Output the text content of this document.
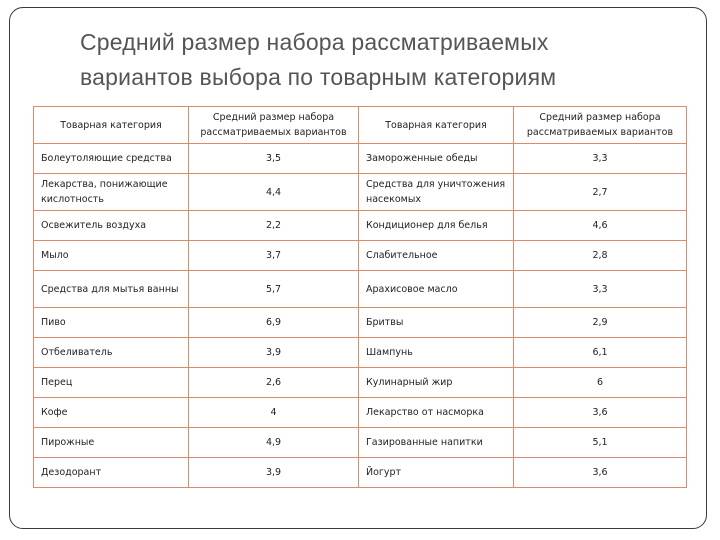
Средний размер набора рассматриваемых
вариантов выбора по товарным категориям
Товарная категория	Средний размер набора рассматриваемых вариантов	Товарная категория	Средний размер набора рассматриваемых вариантов
Болеутоляющие средства	3,5	Замороженные обеды	3,3
Лекарства, понижающие кислотность	4,4	Средства для уничтожения насекомых	2,7
Освежитель воздуха	2,2	Кондиционер для белья	4,6
Мыло	3,7	Слабительное	2,8
Средства для мытья ванны	5,7	Арахисовое масло	3,3
Пиво	6,9	Бритвы	2,9
Отбеливатель	3,9	Шампунь	6,1
Перец	2,6	Кулинарный жир	6
Кофе	4	Лекарство от насморка	3,6
Пирожные	4,9	Газированные напитки	5,1
Дезодорант	3,9	Йогурт	3,6
